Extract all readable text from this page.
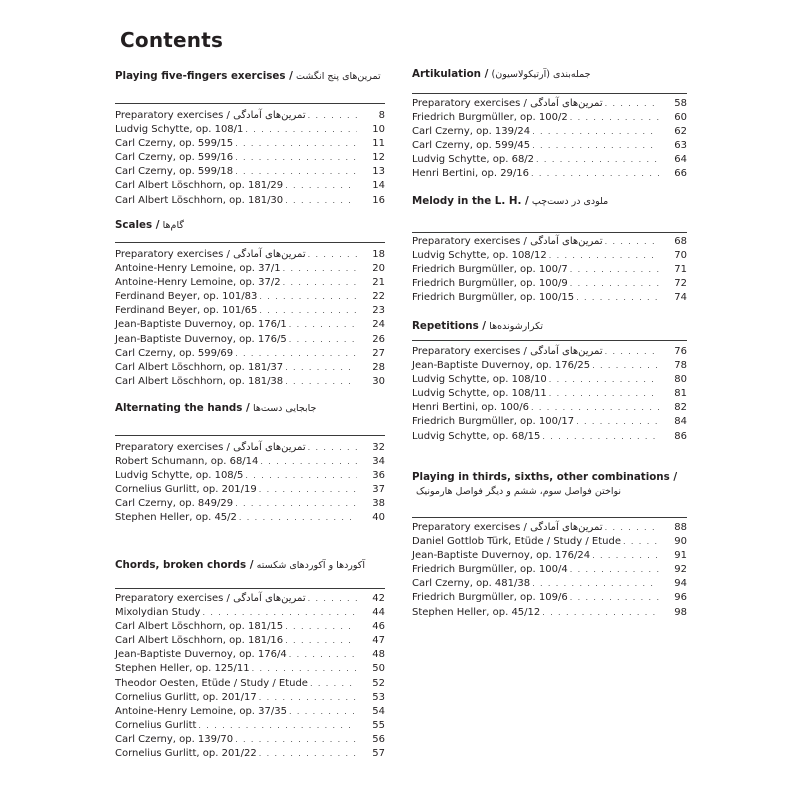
Contents
Playing five-fingers exercises / تمرین‌های پنج انگشت
Preparatory exercises / تمرین‌های آمادگی . . .	8
Ludvig Schytte, op. 108/1 . . .	10
Carl Czerny, op. 599/15 . . .	11
Carl Czerny, op. 599/16 . . .	12
Carl Czerny, op. 599/18 . . .	13
Carl Albert Löschhorn, op. 181/29 . . .	14
Carl Albert Löschhorn, op. 181/30 . . .	16
Scales / گام‌ها
Preparatory exercises / تمرین‌های آمادگی . . .	18
Antoine-Henry Lemoine, op. 37/1 . . .	20
Antoine-Henry Lemoine, op. 37/2 . . .	21
Ferdinand Beyer, op. 101/83 . . .	22
Ferdinand Beyer, op. 101/65 . . .	23
Jean-Baptiste Duvernoy, op. 176/1 . . .	24
Jean-Baptiste Duvernoy, op. 176/5 . . .	26
Carl Czerny, op. 599/69 . . .	27
Carl Albert Löschhorn, op. 181/37 . . .	28
Carl Albert Löschhorn, op. 181/38 . . .	30
Alternating the hands / جابجایی دست‌ها
Preparatory exercises / تمرین‌های آمادگی . . .	32
Robert Schumann, op. 68/14 . . .	34
Ludvig Schytte, op. 108/5 . . .	36
Cornelius Gurlitt, op. 201/19 . . .	37
Carl Czerny, op. 849/29 . . .	38
Stephen Heller, op. 45/2 . . .	40
Chords, broken chords / آکوردها و آکوردهای شکسته
Preparatory exercises / تمرین‌های آمادگی . . .	42
Mixolydian Study . . .	44
Carl Albert Löschhorn, op. 181/15 . . .	46
Carl Albert Löschhorn, op. 181/16 . . .	47
Jean-Baptiste Duvernoy, op. 176/4 . . .	48
Stephen Heller, op. 125/11 . . .	50
Theodor Oesten, Etüde / Study / Etude . . .	52
Cornelius Gurlitt, op. 201/17 . . .	53
Antoine-Henry Lemoine, op. 37/35 . . .	54
Cornelius Gurlitt . . .	55
Carl Czerny, op. 139/70 . . .	56
Cornelius Gurlitt, op. 201/22 . . .	57
Artikulation / جمله‌بندی (آرتیکولاسیون)
Preparatory exercises / تمرین‌های آمادگی . . .	58
Friedrich Burgmüller, op. 100/2 . . .	60
Carl Czerny, op. 139/24 . . .	62
Carl Czerny, op. 599/45 . . .	63
Ludvig Schytte, op. 68/2 . . .	64
Henri Bertini, op. 29/16 . . .	66
Melody in the L. H. / ملودی در دست‌چپ
Preparatory exercises / تمرین‌های آمادگی . . .	68
Ludvig Schytte, op. 108/12 . . .	70
Friedrich Burgmüller, op. 100/7 . . .	71
Friedrich Burgmüller, op. 100/9 . . .	72
Friedrich Burgmüller, op. 100/15 . . .	74
Repetitions / تکرارشونده‌ها
Preparatory exercises / تمرین‌های آمادگی . . .	76
Jean-Baptiste Duvernoy, op. 176/25 . . .	78
Ludvig Schytte, op. 108/10 . . .	80
Ludvig Schytte, op. 108/11 . . .	81
Henri Bertini, op. 100/6 . . .	82
Friedrich Burgmüller, op. 100/17 . . .	84
Ludvig Schytte, op. 68/15 . . .	86
Playing in thirds, sixths, other combinations /
نواختن فواصل سوم، ششم و دیگر فواصل هارمونیک
Preparatory exercises / تمرین‌های آمادگی . . .	88
Daniel Gottlob Türk, Etüde / Study / Etude . . .	90
Jean-Baptiste Duvernoy, op. 176/24 . . .	91
Friedrich Burgmüller, op. 100/4 . . .	92
Carl Czerny, op. 481/38 . . .	94
Friedrich Burgmüller, op. 109/6 . . .	96
Stephen Heller, op. 45/12 . . .	98
